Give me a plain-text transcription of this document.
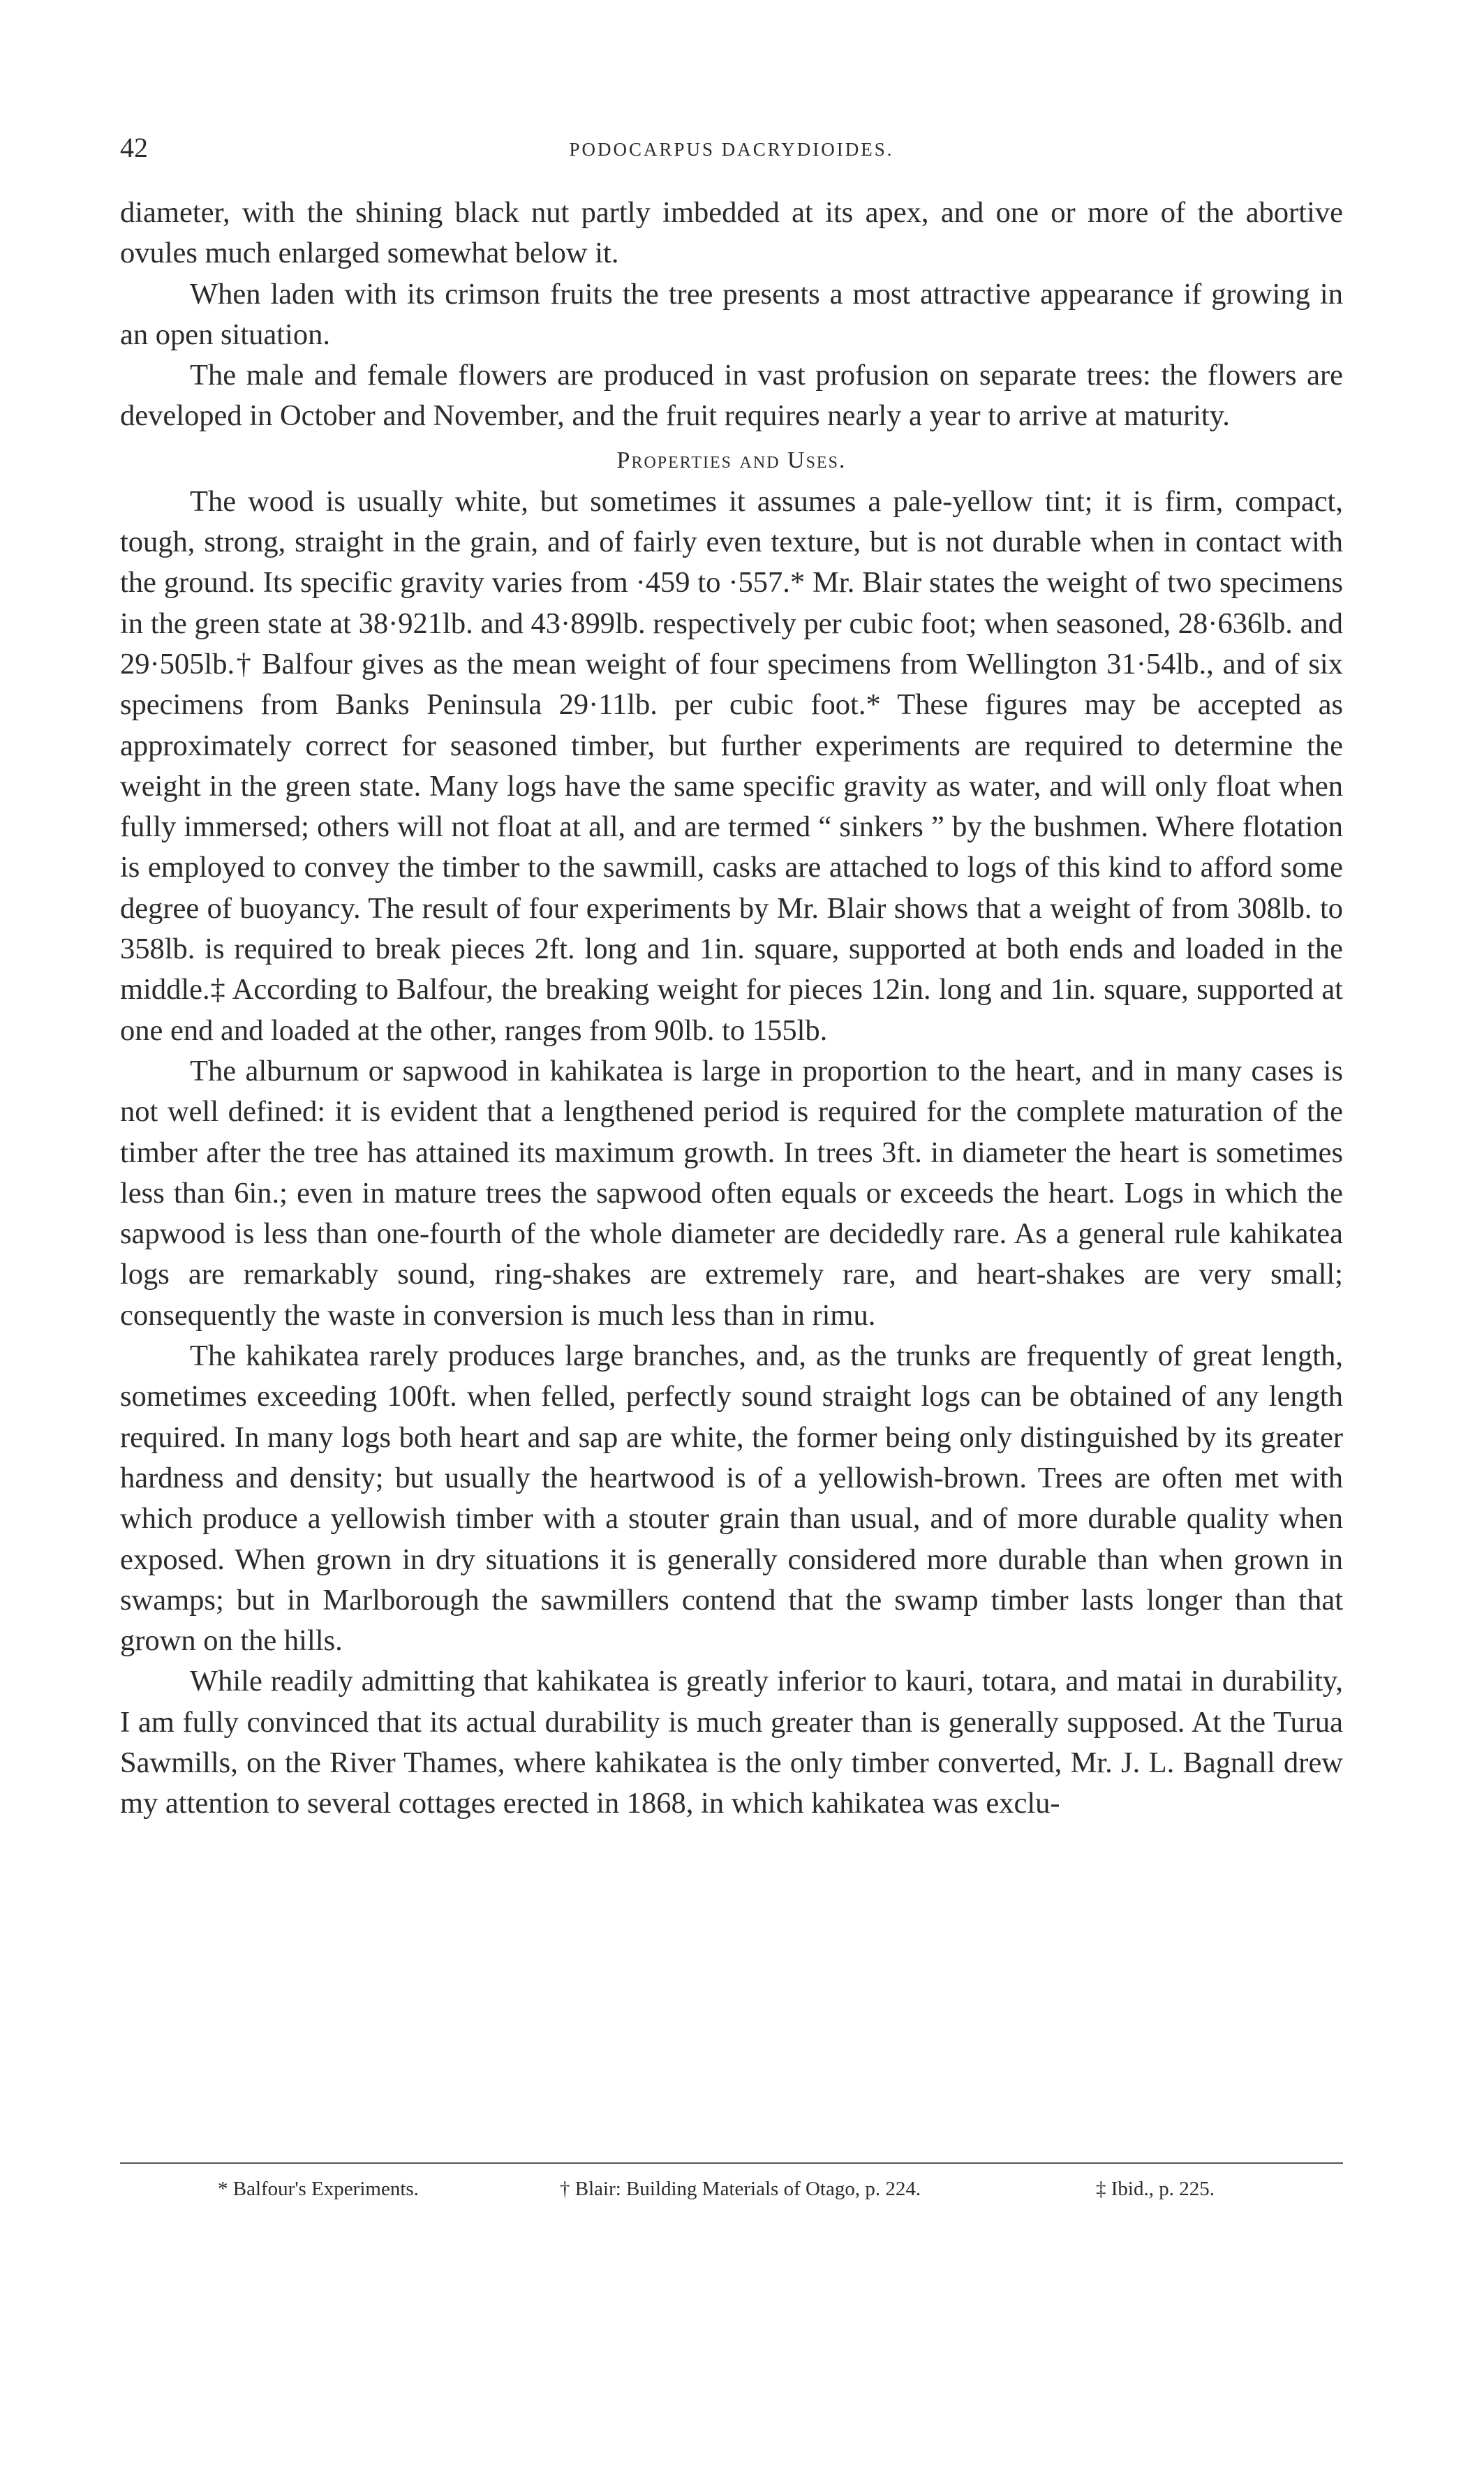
42	PODOCARPUS DACRYDIOIDES.

diameter, with the shining black nut partly imbedded at its apex, and one or more of the abortive ovules much enlarged somewhat below it.

When laden with its crimson fruits the tree presents a most attractive appearance if growing in an open situation.

The male and female flowers are produced in vast profusion on separate trees: the flowers are developed in October and November, and the fruit requires nearly a year to arrive at maturity.

Properties and Uses.

The wood is usually white, but sometimes it assumes a pale-yellow tint; it is firm, compact, tough, strong, straight in the grain, and of fairly even texture, but is not durable when in contact with the ground. Its specific gravity varies from ·459 to ·557.* Mr. Blair states the weight of two specimens in the green state at 38·921lb. and 43·899lb. respectively per cubic foot; when seasoned, 28·636lb. and 29·505lb.† Balfour gives as the mean weight of four specimens from Wellington 31·54lb., and of six specimens from Banks Peninsula 29·11lb. per cubic foot.* These figures may be accepted as approximately correct for seasoned timber, but further experiments are required to determine the weight in the green state. Many logs have the same specific gravity as water, and will only float when fully immersed; others will not float at all, and are termed “ sinkers ” by the bushmen. Where flotation is employed to convey the timber to the sawmill, casks are attached to logs of this kind to afford some degree of buoyancy. The result of four experiments by Mr. Blair shows that a weight of from 308lb. to 358lb. is required to break pieces 2ft. long and 1in. square, supported at both ends and loaded in the middle.‡ According to Balfour, the breaking weight for pieces 12in. long and 1in. square, supported at one end and loaded at the other, ranges from 90lb. to 155lb.

The alburnum or sapwood in kahikatea is large in proportion to the heart, and in many cases is not well defined: it is evident that a lengthened period is required for the complete maturation of the timber after the tree has attained its maximum growth. In trees 3ft. in diameter the heart is sometimes less than 6in.; even in mature trees the sapwood often equals or exceeds the heart. Logs in which the sapwood is less than one-fourth of the whole diameter are decidedly rare. As a general rule kahikatea logs are remarkably sound, ring-shakes are extremely rare, and heart-shakes are very small; consequently the waste in conversion is much less than in rimu.

The kahikatea rarely produces large branches, and, as the trunks are frequently of great length, sometimes exceeding 100ft. when felled, perfectly sound straight logs can be obtained of any length required. In many logs both heart and sap are white, the former being only distinguished by its greater hardness and density; but usually the heartwood is of a yellowish-brown. Trees are often met with which produce a yellowish timber with a stouter grain than usual, and of more durable quality when exposed. When grown in dry situations it is generally considered more durable than when grown in swamps; but in Marlborough the sawmillers contend that the swamp timber lasts longer than that grown on the hills.

While readily admitting that kahikatea is greatly inferior to kauri, totara, and matai in durability, I am fully convinced that its actual durability is much greater than is generally supposed. At the Turua Sawmills, on the River Thames, where kahikatea is the only timber converted, Mr. J. L. Bagnall drew my attention to several cottages erected in 1868, in which kahikatea was exclu-

* Balfour's Experiments.	† Blair: Building Materials of Otago, p. 224.	‡ Ibid., p. 225.
